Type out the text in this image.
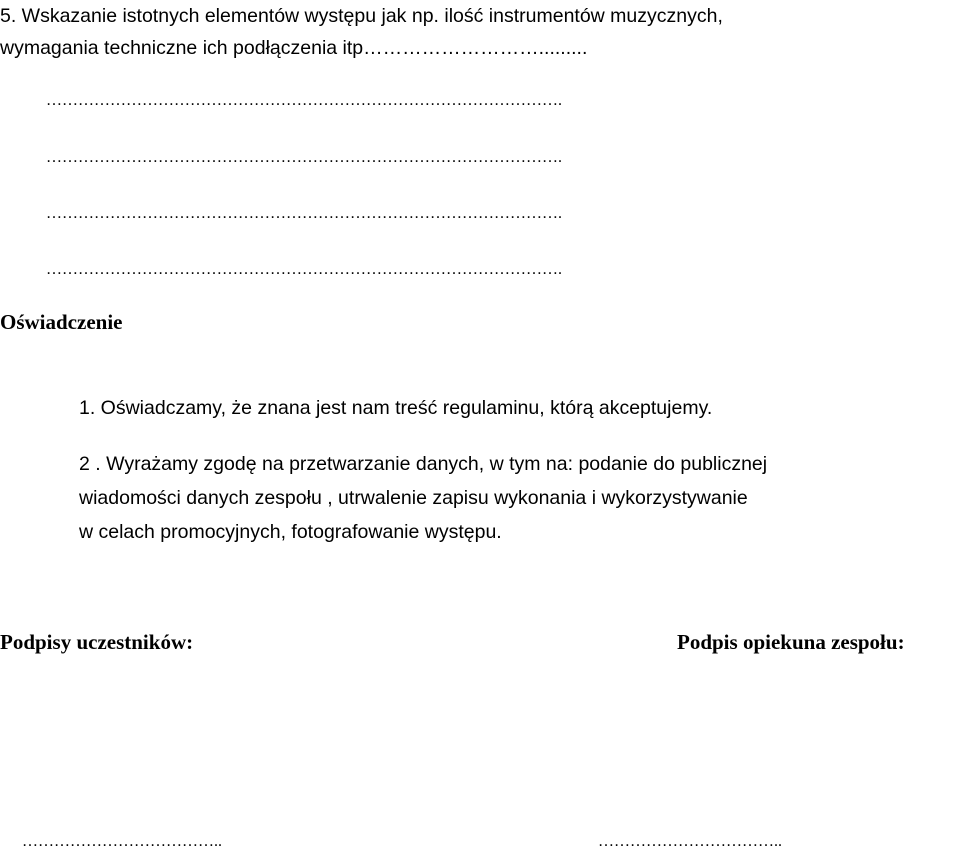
5. Wskazanie istotnych elementów występu jak np. ilość instrumentów muzycznych,
wymagania techniczne ich podłączenia itp……………………….........
…………………………………………………………………………………….
…………………………………………………………………………………….
…………………………………………………………………………………….
…………………………………………………………………………………….
Oświadczenie
1. Oświadczamy, że znana jest nam treść regulaminu, którą akceptujemy.
2 . Wyrażamy zgodę na przetwarzanie danych, w tym na: podanie do publicznej
wiadomości danych zespołu , utrwalenie zapisu wykonania i wykorzystywanie
w celach promocyjnych, fotografowanie występu.
Podpisy uczestników:	Podpis opiekuna zespołu:
………………………………..	……………………………..
